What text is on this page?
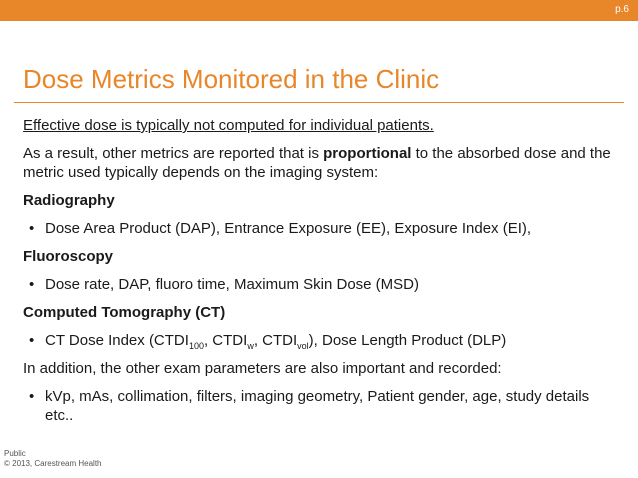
p.6
Dose Metrics Monitored in the Clinic

Effective dose is typically not computed for individual patients.

As a result, other metrics are reported that is proportional to the absorbed dose and the metric used typically depends on the imaging system:

Radiography

• Dose Area Product (DAP), Entrance Exposure (EE), Exposure Index (EI),

Fluoroscopy

• Dose rate, DAP, fluoro time, Maximum Skin Dose (MSD)

Computed Tomography (CT)

• CT Dose Index ($CTDI_{100}$, $CTDI_w$, $CTDI_{vol}$), Dose Length Product (DLP)

In addition, the other exam parameters are also important and recorded:

• kVp, mAs, collimation, filters, imaging geometry, Patient gender, age, study details etc..

Public
© 2013, Carestream Health
